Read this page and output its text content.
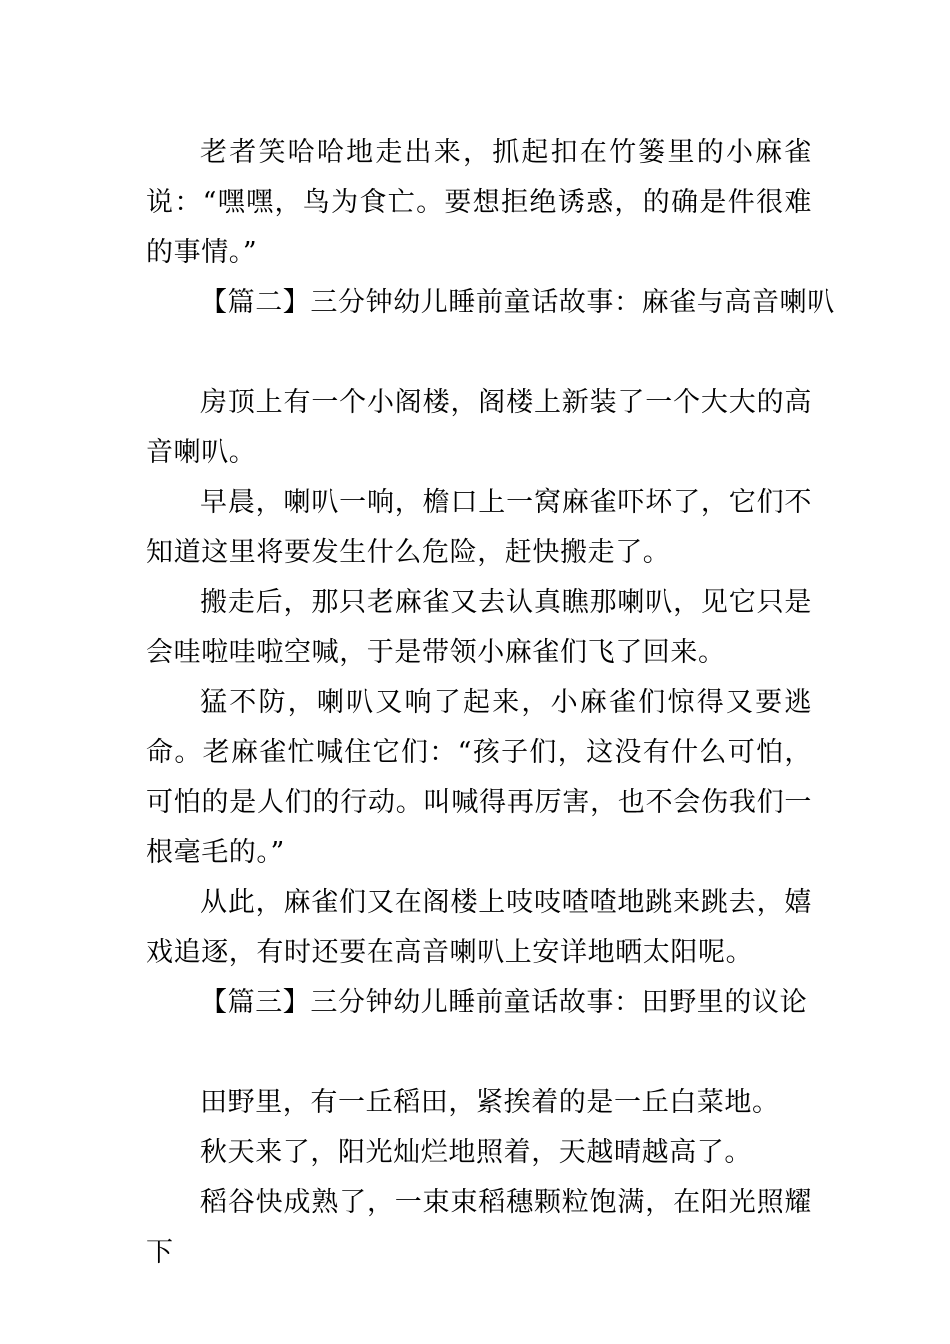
老者笑哈哈地走出来，抓起扣在竹篓里的小麻雀说：“嘿嘿，鸟为食亡。要想拒绝诱惑，的确是件很难的事情。”

【篇二】三分钟幼儿睡前童话故事：麻雀与高音喇叭

房顶上有一个小阁楼，阁楼上新装了一个大大的高音喇叭。

早晨，喇叭一响，檐口上一窝麻雀吓坏了，它们不知道这里将要发生什么危险，赶快搬走了。

搬走后，那只老麻雀又去认真瞧那喇叭，见它只是会哇啦哇啦空喊，于是带领小麻雀们飞了回来。

猛不防，喇叭又响了起来，小麻雀们惊得又要逃命。老麻雀忙喊住它们：“孩子们，这没有什么可怕，可怕的是人们的行动。叫喊得再厉害，也不会伤我们一根毫毛的。”

从此，麻雀们又在阁楼上吱吱喳喳地跳来跳去，嬉戏追逐，有时还要在高音喇叭上安详地晒太阳呢。

【篇三】三分钟幼儿睡前童话故事：田野里的议论

田野里，有一丘稻田，紧挨着的是一丘白菜地。

秋天来了，阳光灿烂地照着，天越晴越高了。

稻谷快成熟了，一束束稻穗颗粒饱满，在阳光照耀下
